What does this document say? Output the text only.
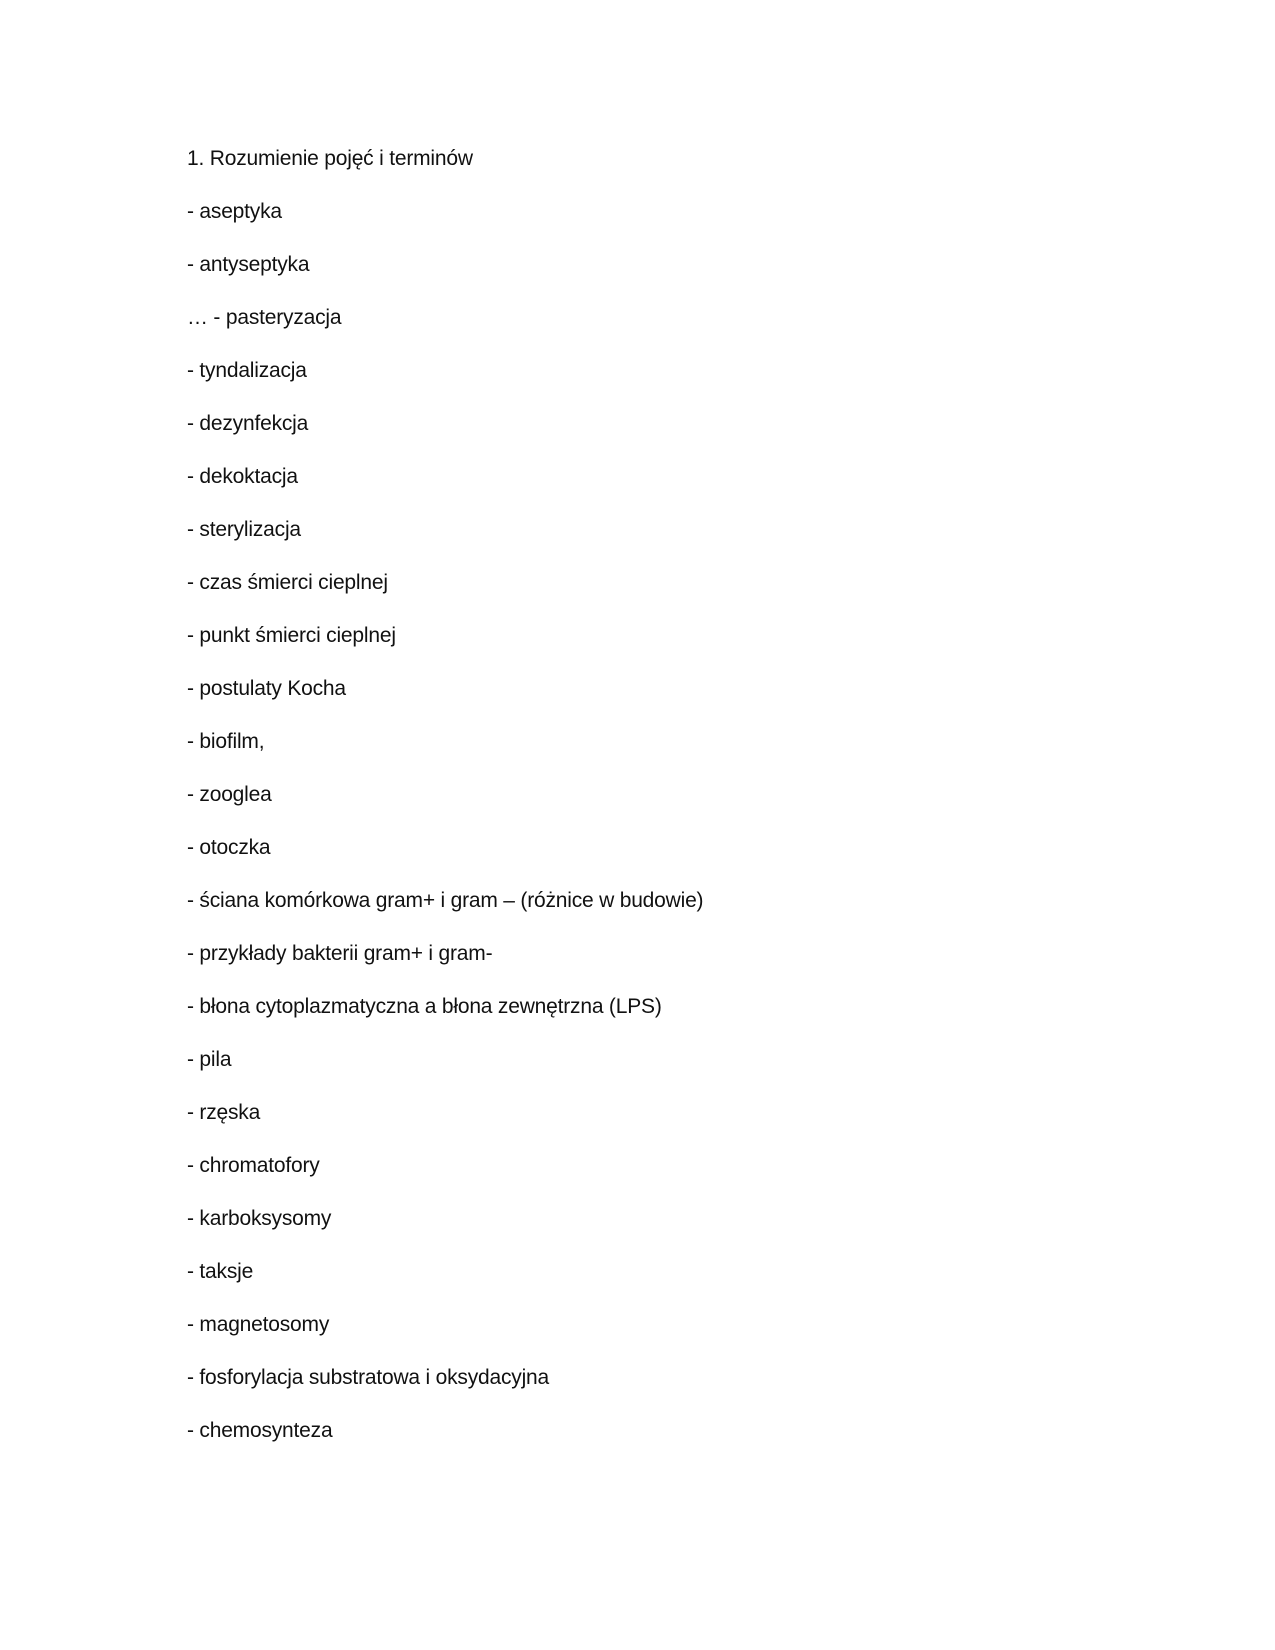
1. Rozumienie pojęć i terminów
- aseptyka
- antyseptyka
… - pasteryzacja
- tyndalizacja
- dezynfekcja
- dekoktacja
- sterylizacja
- czas śmierci cieplnej
- punkt śmierci cieplnej
- postulaty Kocha
- biofilm,
- zooglea
- otoczka
- ściana komórkowa gram+ i gram – (różnice w budowie)
- przykłady bakterii gram+ i gram-
- błona cytoplazmatyczna a błona zewnętrzna (LPS)
- pila
- rzęska
- chromatofory
- karboksysomy
- taksje
- magnetosomy
- fosforylacja substratowa i oksydacyjna
- chemosynteza
